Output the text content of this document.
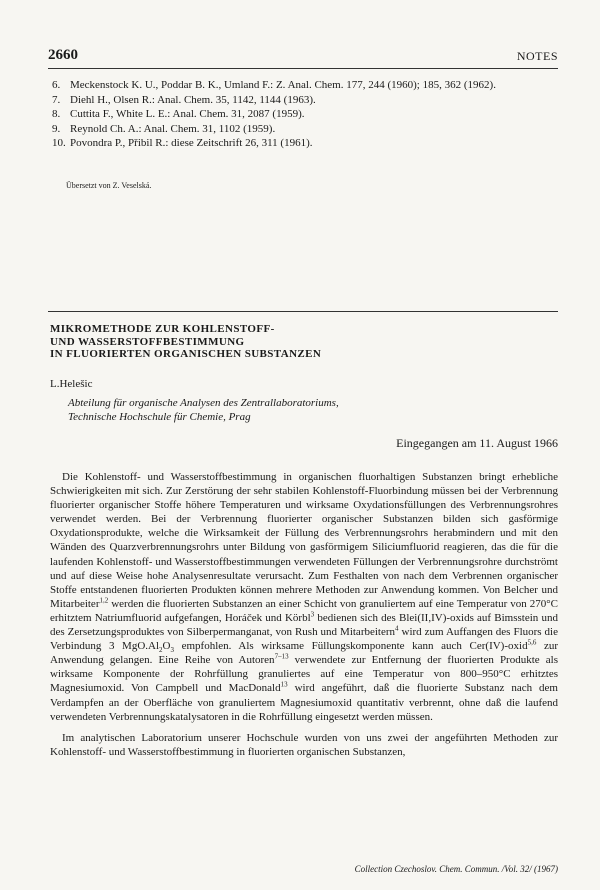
2660	NOTES
6. Meckenstock K. U., Poddar B. K., Umland F.: Z. Anal. Chem. 177, 244 (1960); 185, 362 (1962).
7. Diehl H., Olsen R.: Anal. Chem. 35, 1142, 1144 (1963).
8. Cuttita F., White L. E.: Anal. Chem. 31, 2087 (1959).
9. Reynold Ch. A.: Anal. Chem. 31, 1102 (1959).
10. Povondra P., Přibil R.: diese Zeitschrift 26, 311 (1961).
Übersetzt von Z. Veselská.
MIKROMETHODE ZUR KOHLENSTOFF-
UND WASSERSTOFFBESTIMMUNG
IN FLUORIERTEN ORGANISCHEN SUBSTANZEN
L.Helešic
Abteilung für organische Analysen des Zentrallaboratoriums,
Technische Hochschule für Chemie, Prag
Eingegangen am 11. August 1966

Die Kohlenstoff- und Wasserstoffbestimmung in organischen fluorhaltigen Substanzen bringt erhebliche Schwierigkeiten mit sich. Zur Zerstörung der sehr stabilen Kohlenstoff-Fluorbindung müssen bei der Verbrennung fluorierter organischer Stoffe höhere Temperaturen und wirksame Oxydationsfüllungen des Verbrennungsrohres verwendet werden. Bei der Verbrennung fluorierter organischer Substanzen bilden sich gasförmige Oxydationsprodukte, welche die Wirksamkeit der Füllung des Verbrennungsrohrs herabmindern und mit den Wänden des Quarzverbrennungsrohrs unter Bildung von gasförmigem Siliciumfluorid reagieren, das die für die laufenden Kohlenstoff- und Wasserstoffbestimmungen verwendeten Füllungen der Verbrennungsrohre durchströmt und auf diese Weise hohe Analysenresultate verursacht. Zum Festhalten von nach dem Verbrennen organischer Stoffe entstandenen fluorierten Produkten können mehrere Methoden zur Anwendung kommen. Von Belcher und Mitarbeiter$^{1,2}$ werden die fluorierten Substanzen an einer Schicht von granuliertem auf eine Temperatur von 270°C erhitztem Natriumfluorid aufgefangen, Horáček und Körbl$^3$ bedienen sich des Blei(II,IV)-oxids auf Bimsstein und des Zersetzungsproduktes von Silberpermanganat, von Rush und Mitarbeitern$^4$ wird zum Auffangen des Fluors die Verbindung 3 $MgO.Al_2O_3$ empfohlen. Als wirksame Füllungskomponente kann auch Cer(IV)-oxid$^{5,6}$ zur Anwendung gelangen. Eine Reihe von Autoren$^{7-13}$ verwendete zur Entfernung der fluorierten Produkte als wirksame Komponente der Rohrfüllung granuliertes auf eine Temperatur von 800–950°C erhitztes Magnesiumoxid. Von Campbell und MacDonald$^{13}$ wird angeführt, daß die fluorierte Substanz nach dem Verdampfen an der Oberfläche von granuliertem Magnesiumoxid quantitativ verbrennt, ohne daß die laufend verwendeten Verbrennungskatalysatoren in die Rohrfüllung eingesetzt werden müssen.

Im analytischen Laboratorium unserer Hochschule wurden von uns zwei der angeführten Methoden zur Kohlenstoff- und Wasserstoffbestimmung in fluorierten organischen Substanzen,

Collection Czechoslov. Chem. Commun. /Vol. 32/ (1967)
